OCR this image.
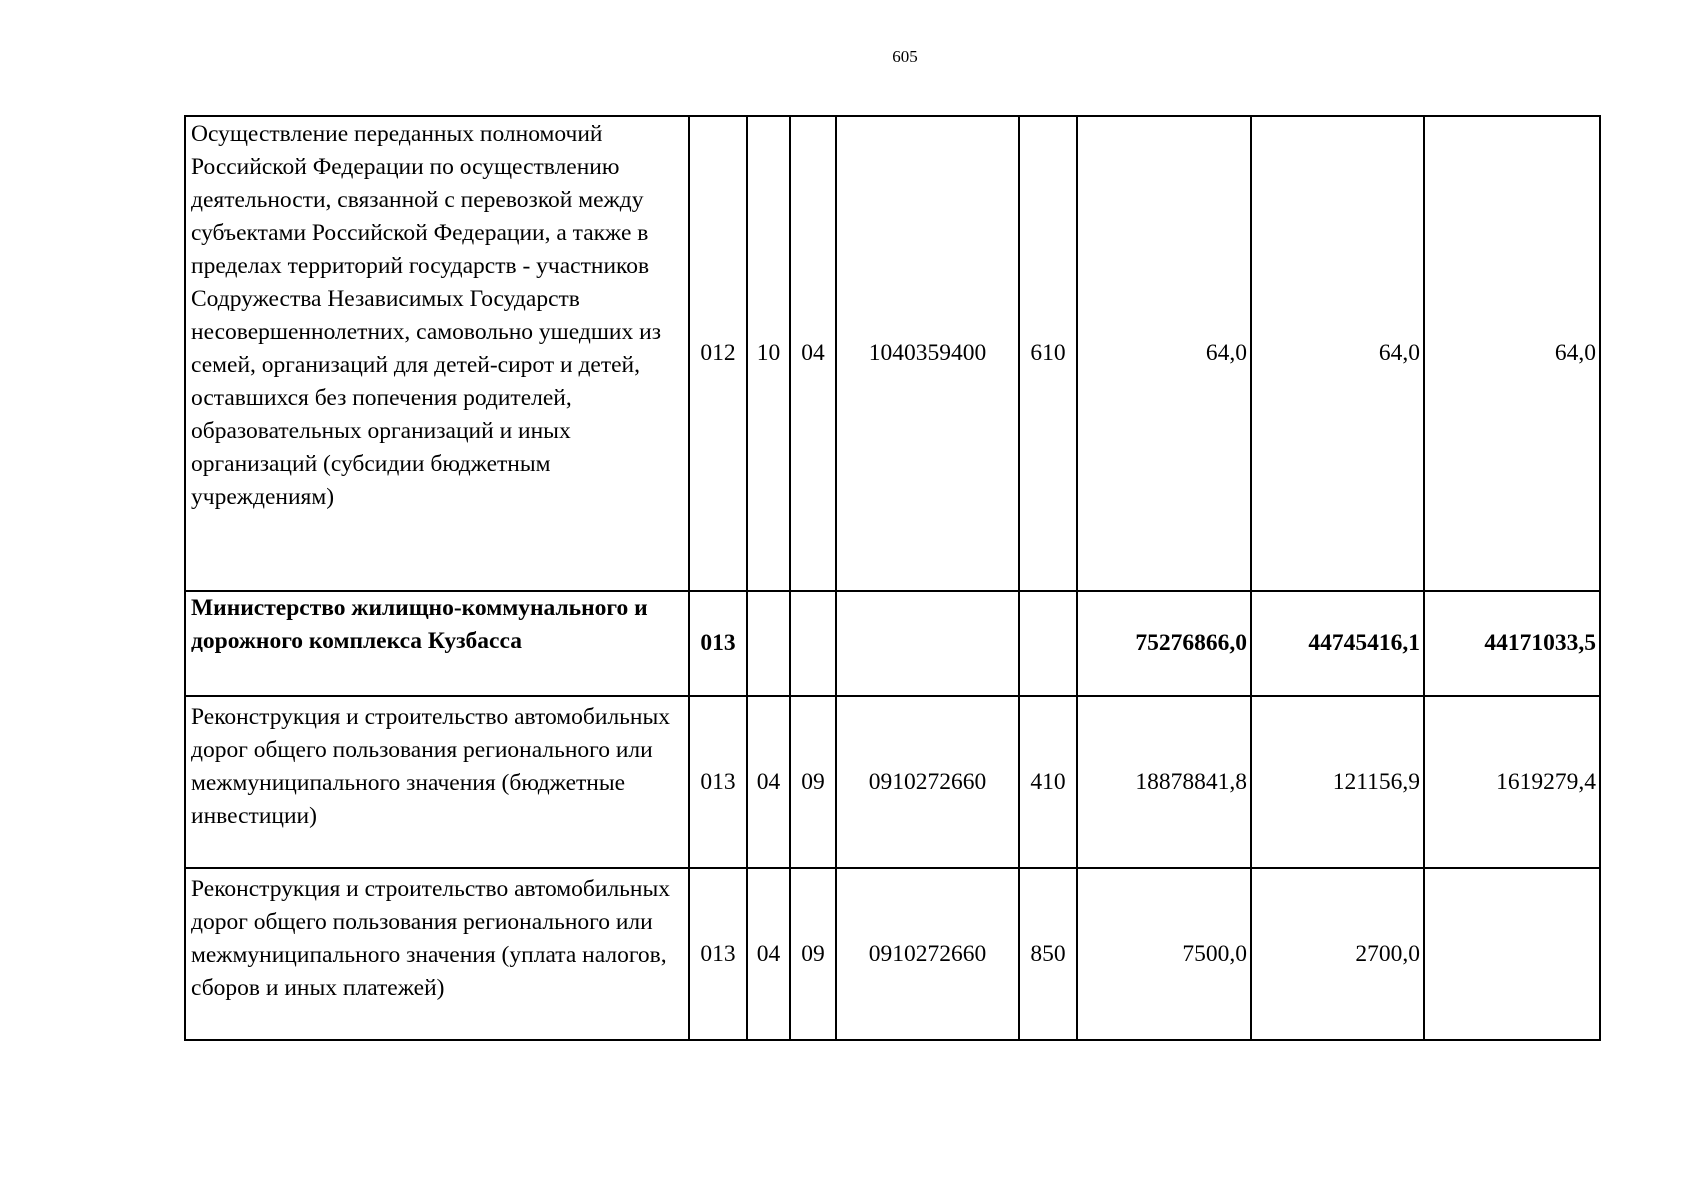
605
Осуществление переданных полномочий Российской Федерации по осуществлению деятельности, связанной с перевозкой между субъектами Российской Федерации, а также в пределах территорий государств - участников Содружества Независимых Государств несовершеннолетних, самовольно ушедших из семей, организаций для детей-сирот и детей, оставшихся без попечения родителей, образовательных организаций и иных организаций (субсидии бюджетным учреждениям)	012	10	04	1040359400	610	64,0	64,0	64,0
Министерство жилищно-коммунального и дорожного комплекса Кузбасса	013					75276866,0	44745416,1	44171033,5
Реконструкция и строительство автомобильных дорог общего пользования регионального или межмуниципального значения (бюджетные инвестиции)	013	04	09	0910272660	410	18878841,8	121156,9	1619279,4
Реконструкция и строительство автомобильных дорог общего пользования регионального или межмуниципального значения (уплата налогов, сборов и иных платежей)	013	04	09	0910272660	850	7500,0	2700,0	
